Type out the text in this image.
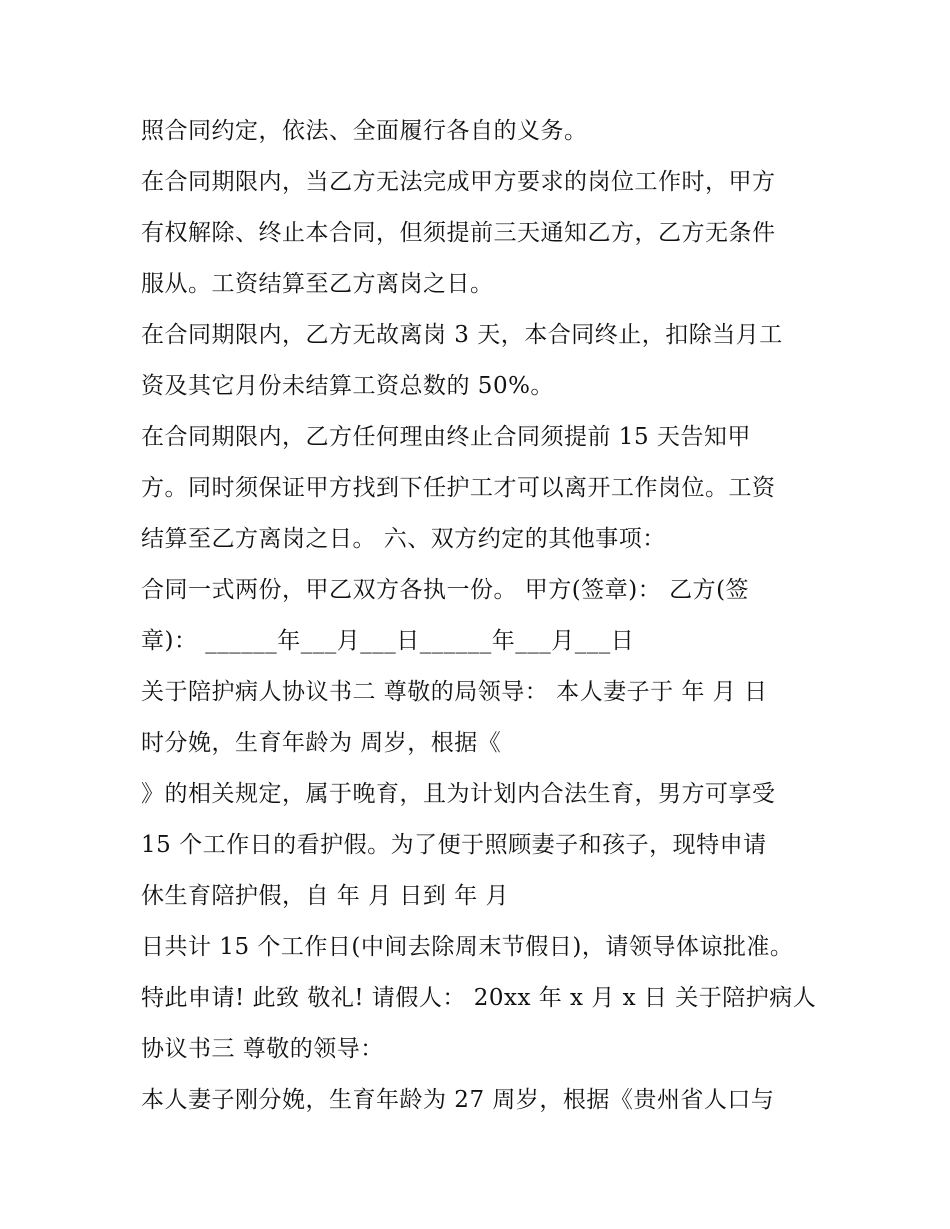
照合同约定，依法、全面履行各自的义务。
在合同期限内，当乙方无法完成甲方要求的岗位工作时，甲方
有权解除、终止本合同，但须提前三天通知乙方，乙方无条件
服从。工资结算至乙方离岗之日。
在合同期限内，乙方无故离岗 3 天，本合同终止，扣除当月工
资及其它月份未结算工资总数的 50%。
在合同期限内，乙方任何理由终止合同须提前 15 天告知甲
方。同时须保证甲方找到下任护工才可以离开工作岗位。工资
结算至乙方离岗之日。 六、双方约定的其他事项：
合同一式两份，甲乙双方各执一份。 甲方(签章)： 乙方(签
章)： ______年___月___日______年___月___日
关于陪护病人协议书二 尊敬的局领导： 本人妻子于 年 月 日
时分娩，生育年龄为 周岁，根据《
》的相关规定，属于晚育，且为计划内合法生育，男方可享受
15 个工作日的看护假。为了便于照顾妻子和孩子，现特申请
休生育陪护假，自 年 月 日到 年 月
日共计 15 个工作日(中间去除周末节假日)，请领导体谅批准。
特此申请! 此致 敬礼! 请假人： 20xx 年 x 月 x 日 关于陪护病人
协议书三 尊敬的领导：
本人妻子刚分娩，生育年龄为 27 周岁，根据《贵州省人口与
